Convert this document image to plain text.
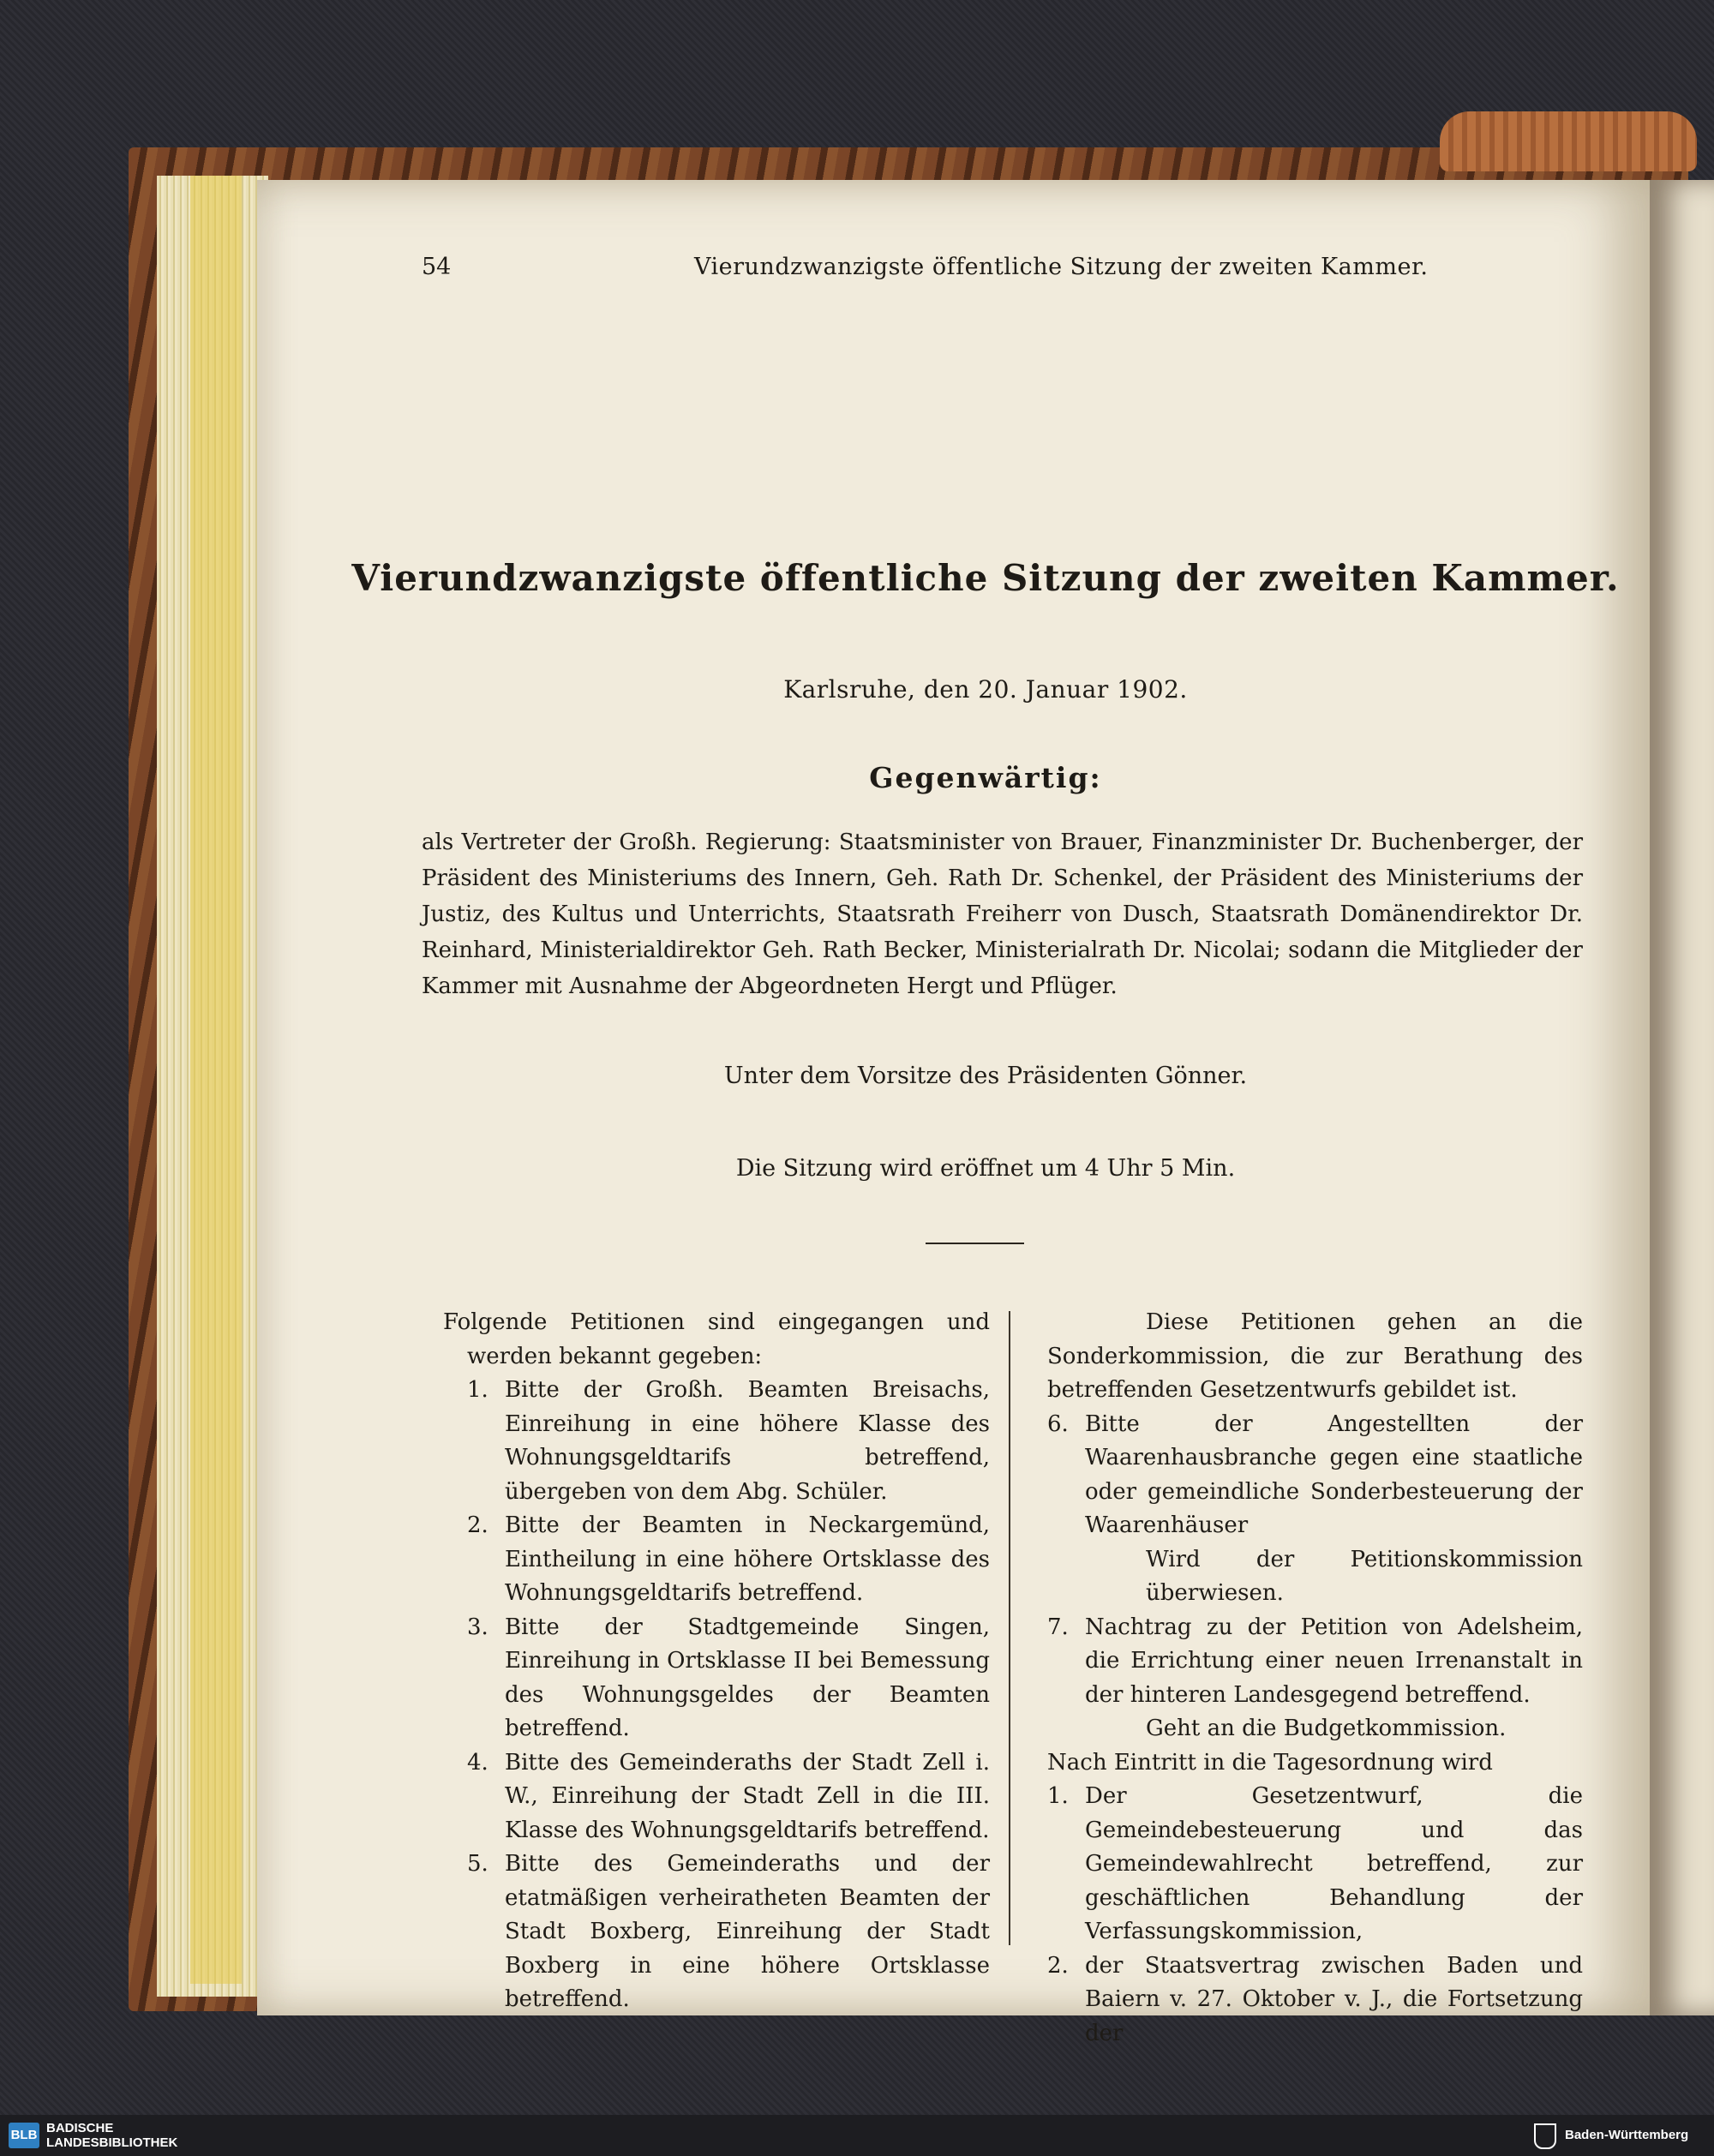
54	Vierundzwanzigste öffentliche Sitzung der zweiten Kammer.
Vierundzwanzigste öffentliche Sitzung der zweiten Kammer.
Karlsruhe, den 20. Januar 1902.
Gegenwärtig:
als Vertreter der Großh. Regierung: Staatsminister von Brauer, Finanzminister Dr. Buchenberger, der Präsident des Ministeriums des Innern, Geh. Rath Dr. Schenkel, der Präsident des Ministeriums der Justiz, des Kultus und Unterrichts, Staatsrath Freiherr von Dusch, Staatsrath Domänendirektor Dr. Reinhard, Ministerialdirektor Geh. Rath Becker, Ministerialrath Dr. Nicolai; sodann die Mitglieder der Kammer mit Ausnahme der Abgeordneten Hergt und Pflüger.
Unter dem Vorsitze des Präsidenten Gönner.
Die Sitzung wird eröffnet um 4 Uhr 5 Min.

Folgende Petitionen sind eingegangen und werden bekannt gegeben:

1. Bitte der Großh. Beamten Breisachs, Einreihung in eine höhere Klasse des Wohnungsgeldtarifs betreffend, übergeben von dem Abg. Schüler.
2. Bitte der Beamten in Neckargemünd, Eintheilung in eine höhere Ortsklasse des Wohnungsgeldtarifs betreffend.
3. Bitte der Stadtgemeinde Singen, Einreihung in Ortsklasse II bei Bemessung des Wohnungsgeldes der Beamten betreffend.
4. Bitte des Gemeinderaths der Stadt Zell i. W., Einreihung der Stadt Zell in die III. Klasse des Wohnungsgeldtarifs betreffend.
5. Bitte des Gemeinderaths und der etatmäßigen verheiratheten Beamten der Stadt Boxberg, Einreihung der Stadt Boxberg in eine höhere Ortsklasse betreffend.

Diese Petitionen gehen an die Sonderkommission, die zur Berathung des betreffenden Gesetzentwurfs gebildet ist.

6. Bitte der Angestellten der Waarenhausbranche gegen eine staatliche oder gemeindliche Sonderbesteuerung der Waarenhäuser

Wird der Petitionskommission überwiesen.

7. Nachtrag zu der Petition von Adelsheim, die Errichtung einer neuen Irrenanstalt in der hinteren Landesgegend betreffend.

Geht an die Budgetkommission.

Nach Eintritt in die Tagesordnung wird

1. Der Gesetzentwurf, die Gemeindebesteuerung und das Gemeindewahlrecht betreffend, zur geschäftlichen Behandlung der Verfassungskommission,
2. der Staatsvertrag zwischen Baden und Baiern v. 27. Oktober v. J., die Fortsetzung der
BLB BADISCHE
LANDESBIBLIOTHEK
Baden-Württemberg
